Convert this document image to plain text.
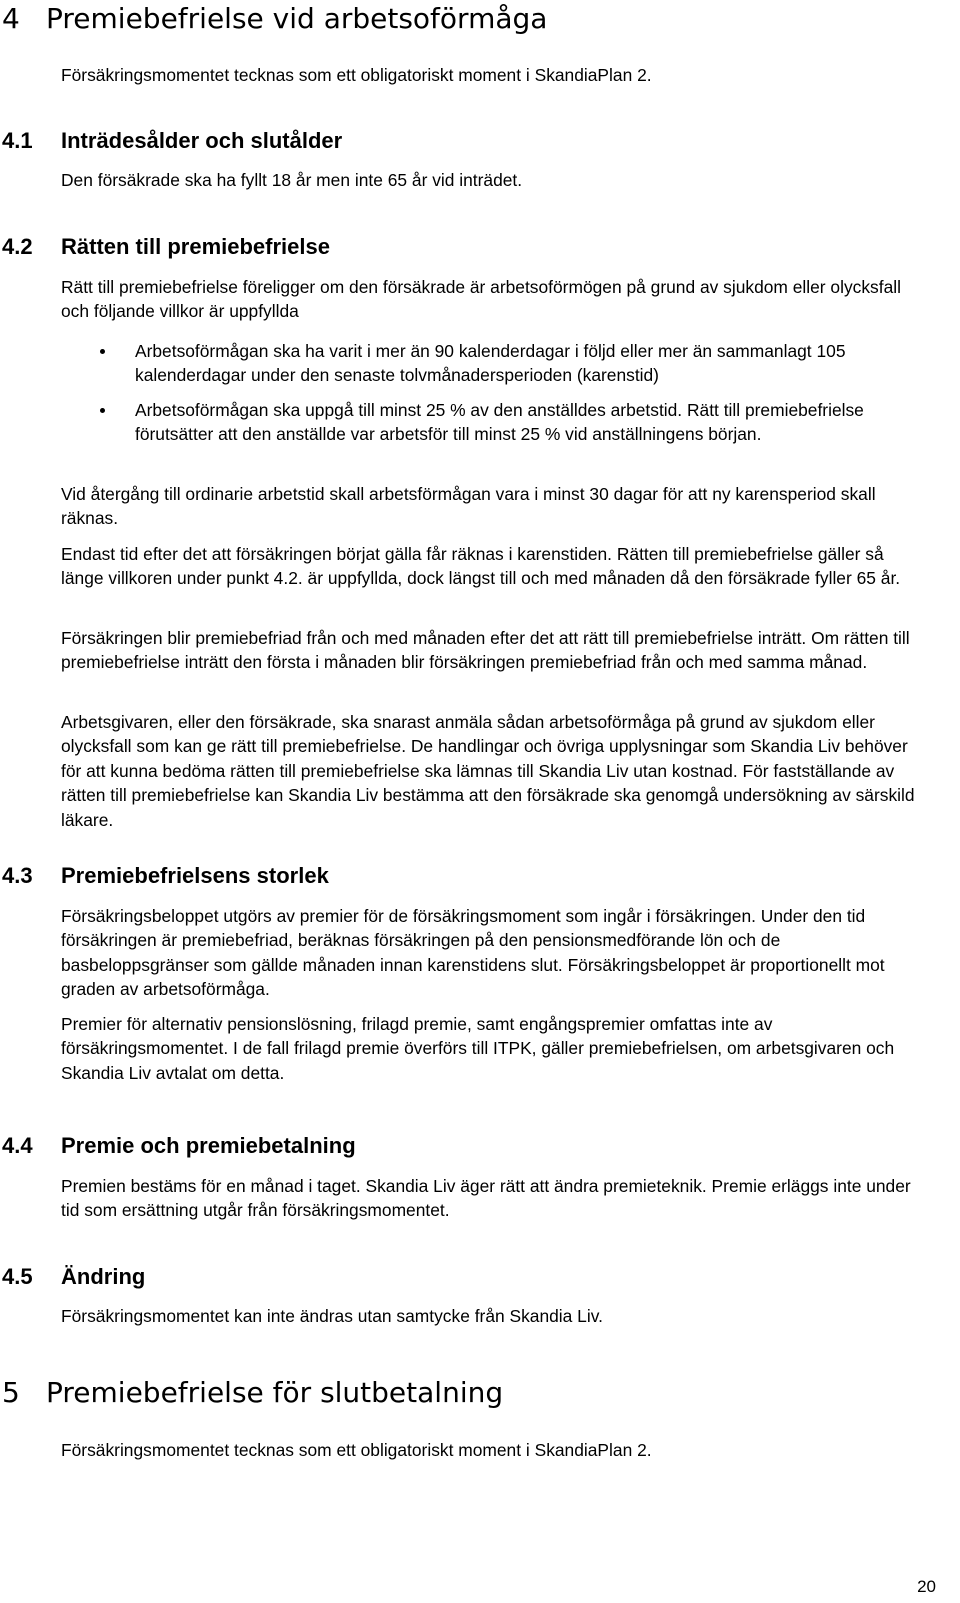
4 Premiebefrielse vid arbetsoförmåga

Försäkringsmomentet tecknas som ett obligatoriskt moment i SkandiaPlan 2.

4.1 Inträdesålder och slutålder

Den försäkrade ska ha fyllt 18 år men inte 65 år vid inträdet.

4.2 Rätten till premiebefrielse

Rätt till premiebefrielse föreligger om den försäkrade är arbetsoförmögen på grund av sjukdom eller olycksfall och följande villkor är uppfyllda

Arbetsoförmågan ska ha varit i mer än 90 kalenderdagar i följd eller mer än sammanlagt 105 kalenderdagar under den senaste tolvmånadersperioden (karenstid)

Arbetsoförmågan ska uppgå till minst 25 % av den anställdes arbetstid. Rätt till premiebefrielse förutsätter att den anställde var arbetsför till minst 25 % vid anställningens början.

Vid återgång till ordinarie arbetstid skall arbetsförmågan vara i minst 30 dagar för att ny karensperiod skall räknas.

Endast tid efter det att försäkringen börjat gälla får räknas i karenstiden. Rätten till premiebefrielse gäller så länge villkoren under punkt 4.2. är uppfyllda, dock längst till och med månaden då den försäkrade fyller 65 år.

Försäkringen blir premiebefriad från och med månaden efter det att rätt till premiebefrielse inträtt. Om rätten till premiebefrielse inträtt den första i månaden blir försäkringen premiebefriad från och med samma månad.

Arbetsgivaren, eller den försäkrade, ska snarast anmäla sådan arbetsoförmåga på grund av sjukdom eller olycksfall som kan ge rätt till premiebefrielse. De handlingar och övriga upplysningar som Skandia Liv behöver för att kunna bedöma rätten till premiebefrielse ska lämnas till Skandia Liv utan kostnad. För fastställande av rätten till premiebefrielse kan Skandia Liv bestämma att den försäkrade ska genomgå undersökning av särskild läkare.

4.3 Premiebefrielsens storlek

Försäkringsbeloppet utgörs av premier för de försäkringsmoment som ingår i försäkringen. Under den tid försäkringen är premiebefriad, beräknas försäkringen på den pensionsmedförande lön och de basbeloppsgränser som gällde månaden innan karenstidens slut. Försäkringsbeloppet är proportionellt mot graden av arbetsoförmåga.

Premier för alternativ pensionslösning, frilagd premie, samt engångspremier omfattas inte av försäkringsmomentet. I de fall frilagd premie överförs till ITPK, gäller premiebefrielsen, om arbetsgivaren och Skandia Liv avtalat om detta.

4.4 Premie och premiebetalning

Premien bestäms för en månad i taget. Skandia Liv äger rätt att ändra premieteknik. Premie erläggs inte under tid som ersättning utgår från försäkringsmomentet.

4.5 Ändring

Försäkringsmomentet kan inte ändras utan samtycke från Skandia Liv.

5 Premiebefrielse för slutbetalning

Försäkringsmomentet tecknas som ett obligatoriskt moment i SkandiaPlan 2.

20
